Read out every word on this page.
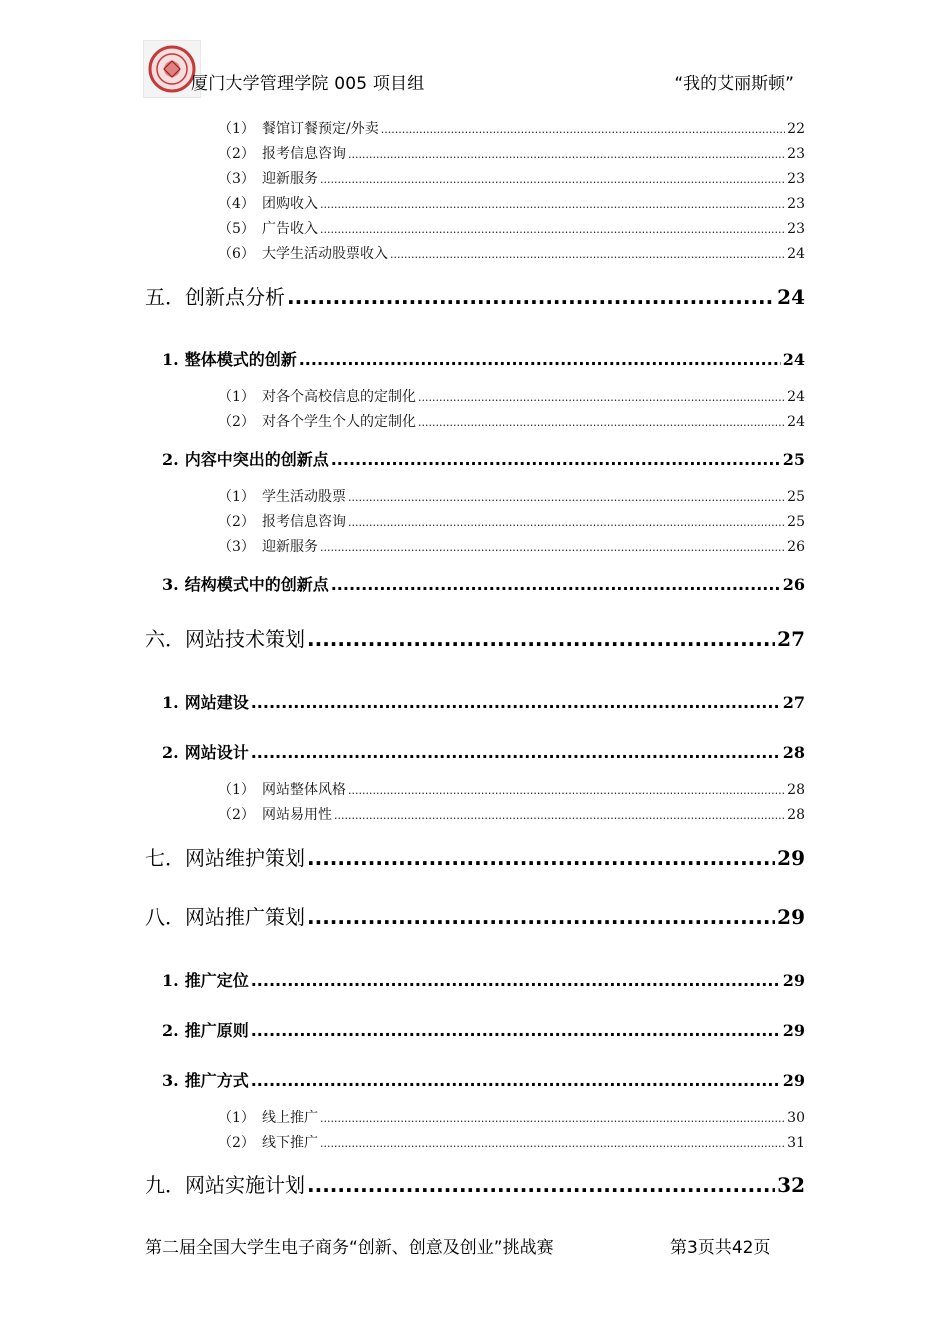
厦门大学管理学院 005 项目组	“我的艾丽斯顿”
（1） 餐馆订餐预定/外卖 .....	22
（2） 报考信息咨询 .....	23
（3） 迎新服务 .....	23
（4） 团购收入 .....	23
（5） 广告收入 .....	23
（6） 大学生活动股票收入 .....	24
五．创新点分析 .....	24
1. 整体模式的创新 .....	24
（1） 对各个高校信息的定制化 .....	24
（2） 对各个学生个人的定制化 .....	24
2. 内容中突出的创新点 .....	25
（1） 学生活动股票 .....	25
（2） 报考信息咨询 .....	25
（3） 迎新服务 .....	26
3. 结构模式中的创新点 .....	26
六．网站技术策划 .....	27
1. 网站建设 .....	27
2. 网站设计 .....	28
（1） 网站整体风格 .....	28
（2） 网站易用性 .....	28
七．网站维护策划 .....	29
八．网站推广策划 .....	29
1. 推广定位 .....	29
2. 推广原则 .....	29
3. 推广方式 .....	29
（1） 线上推广 .....	30
（2） 线下推广 .....	31
九．网站实施计划 .....	32
第二届全国大学生电子商务“创新、创意及创业”挑战赛	第3页共42页
